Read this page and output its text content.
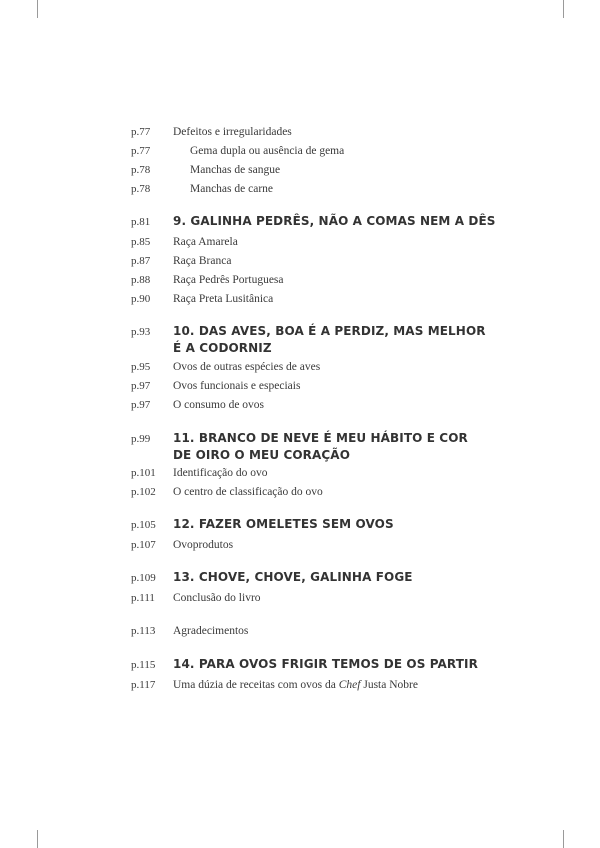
p.77 Defeitos e irregularidades
p.77	Gema dupla ou ausência de gema
p.78	Manchas de sangue
p.78	Manchas de carne
p.81 9. GALINHA PEDRÊS, NÃO A COMAS NEM A DÊS
p.85 Raça Amarela
p.87 Raça Branca
p.88 Raça Pedrês Portuguesa
p.90 Raça Preta Lusitânica
p.93 10. DAS AVES, BOA É A PERDIZ, MAS MELHOR
É A CODORNIZ
p.95 Ovos de outras espécies de aves
p.97 Ovos funcionais e especiais
p.97 O consumo de ovos
p.99 11. BRANCO DE NEVE É MEU HÁBITO E COR
DE OIRO O MEU CORAÇÃO
p.101 Identificação do ovo
p.102 O centro de classificação do ovo
p.105 12. FAZER OMELETES SEM OVOS
p.107 Ovoprodutos
p.109 13. CHOVE, CHOVE, GALINHA FOGE
p.111 Conclusão do livro
p.113 Agradecimentos
p.115 14. PARA OVOS FRIGIR TEMOS DE OS PARTIR
p.117 Uma dúzia de receitas com ovos da Chef Justa Nobre
